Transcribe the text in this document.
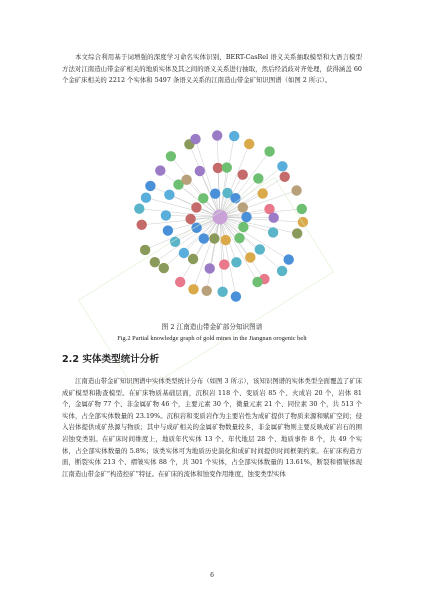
本文综合利用基于词增强的深度学习命名实体识别、BERT-CasRel 语义关系抽取模型和大语言模型方法对江南造山带金矿相关的地质实体及其之间的语义关系进行抽取，然后经消歧对齐处理，获得涵盖 60 个金矿床相关的 2212 个实体和 5497 条语义关系的江南造山带金矿知识图谱（如图 2 所示）。

图 2 江南造山带金矿部分知识图谱

Fig.2 Partial knowledge graph of gold mines in the Jiangnan orogenic belt

2.2 实体类型统计分析

江南造山带金矿知识图谱中实体类型统计分布（如图 3 所示），该知识图谱的实体类型全面覆盖了矿床成矿模型和勘查模型。在矿床物质基础层面，沉积岩 118 个、变质岩 85 个、火成岩 20 个，岩体 81 个，金属矿物 77 个、非金属矿物 46 个，主要元素 30 个，微量元素 21 个、同位素 30 个，共 513 个实体，占全部实体数量的 23.19%。沉积岩和变质岩作为主要岩性为成矿提供了物质来源和赋矿空间；侵入岩体提供成矿热源与物质；其中与成矿相关的金属矿物数量较多，非金属矿物则主要反映成矿岩石的围岩蚀变类别。在矿床时间维度上，地质年代实体 13 个、年代地层 28 个、地质事件 8 个，共 49 个实体，占全部实体数量的 5.8%；该类实体可为地质历史演化和成矿时间提供时间框架约束。在矿床构造方面，断裂实体 213 个、褶皱实体 88 个，共 301 个实体，占全部实体数量的 13.61%，断裂和褶皱体现江南造山带金矿“构造控矿”特征。在矿床的流体和蚀变作用维度，蚀变类型实体

6
